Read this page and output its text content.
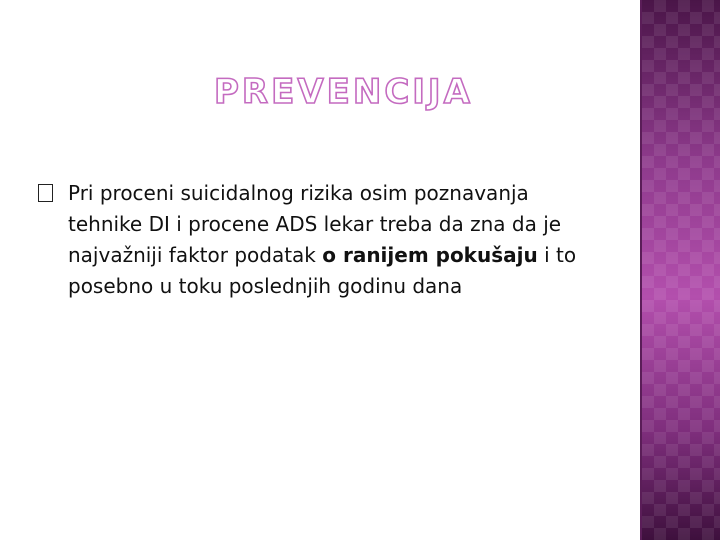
PREVENCIJA
Pri proceni suicidalnog rizika osim poznavanja tehnike DI i procene ADS lekar treba da zna da je najvažniji faktor podatak o ranijem pokušaju i to posebno u toku poslednjih godinu dana
